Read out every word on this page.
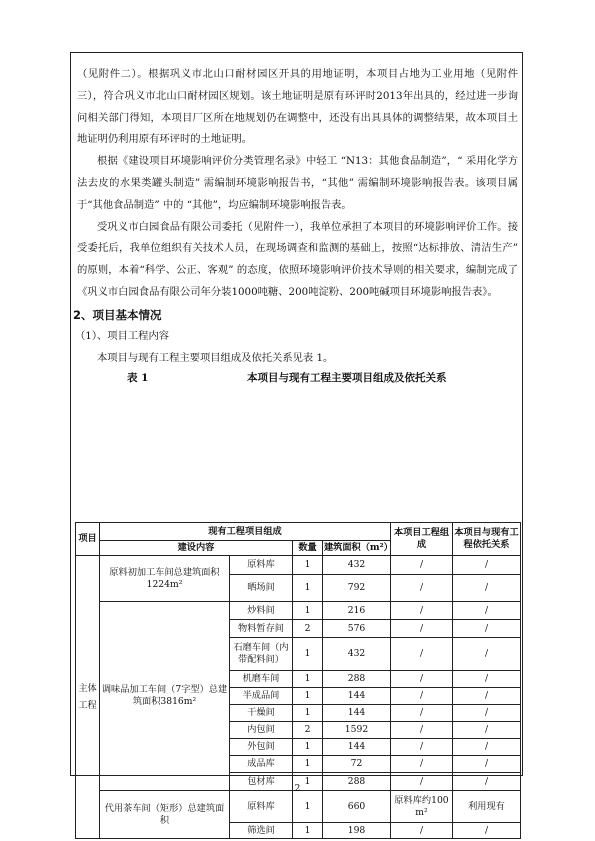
（见附件二）。根据巩义市北山口耐材园区开具的用地证明，本项目占地为工业用地（见附件三），符合巩义市北山口耐材园区规划。该土地证明是原有环评时2013年出具的，经过进一步询问相关部门得知，本项目厂区所在地规划仍在调整中，还没有出具具体的调整结果，故本项目土地证明仍利用原有环评时的土地证明。
根据《建设项目环境影响评价分类管理名录》中轻工 “N13：其他食品制造”，“ 采用化学方法去皮的水果类罐头制造” 需编制环境影响报告书，“其他” 需编制环境影响报告表。该项目属于“其他食品制造” 中的 “其他”，均应编制环境影响报告表。
受巩义市白园食品有限公司委托（见附件一），我单位承担了本项目的环境影响评价工作。接受委托后，我单位组织有关技术人员，在现场调查和监测的基础上，按照“达标排放、清洁生产” 的原则，本着“科学、公正、客观” 的态度，依照环境影响评价技术导则的相关要求，编制完成了《巩义市白园食品有限公司年分装1000吨糖、200吨淀粉、200吨碱项目环境影响报告表》。
2、项目基本情况
（1）、项目工程内容
本项目与现有工程主要项目组成及依托关系见表 1。
表 1	本项目与现有工程主要项目组成及依托关系
项目	现有工程项目组成				本项目工程组成	本项目与现有工程依托关系
	建设内容		数量	建筑面积（m²）		
主体工程	原料初加工车间总建筑面积1224m²	原料库	1	432	/	/
		晒场间	1	792	/	/
	调味品加工车间（7字型）总建筑面积3816m²	炒料间	1	216	/	/
		物料暂存间	2	576	/	/
		石磨车间（内带配料间）	1	432	/	/
		机磨车间	1	288	/	/
		半成品间	1	144	/	/
		干燥间	1	144	/	/
		内包间	2	1592	/	/
		外包间	1	144	/	/
		成品库	1	72	/	/
		包材库	1	288	/	/
	代用茶车间（矩形）总建筑面积	原料库	1	660	原料库约100 m²	利用现有
		筛选间	1	198	/	/
2
